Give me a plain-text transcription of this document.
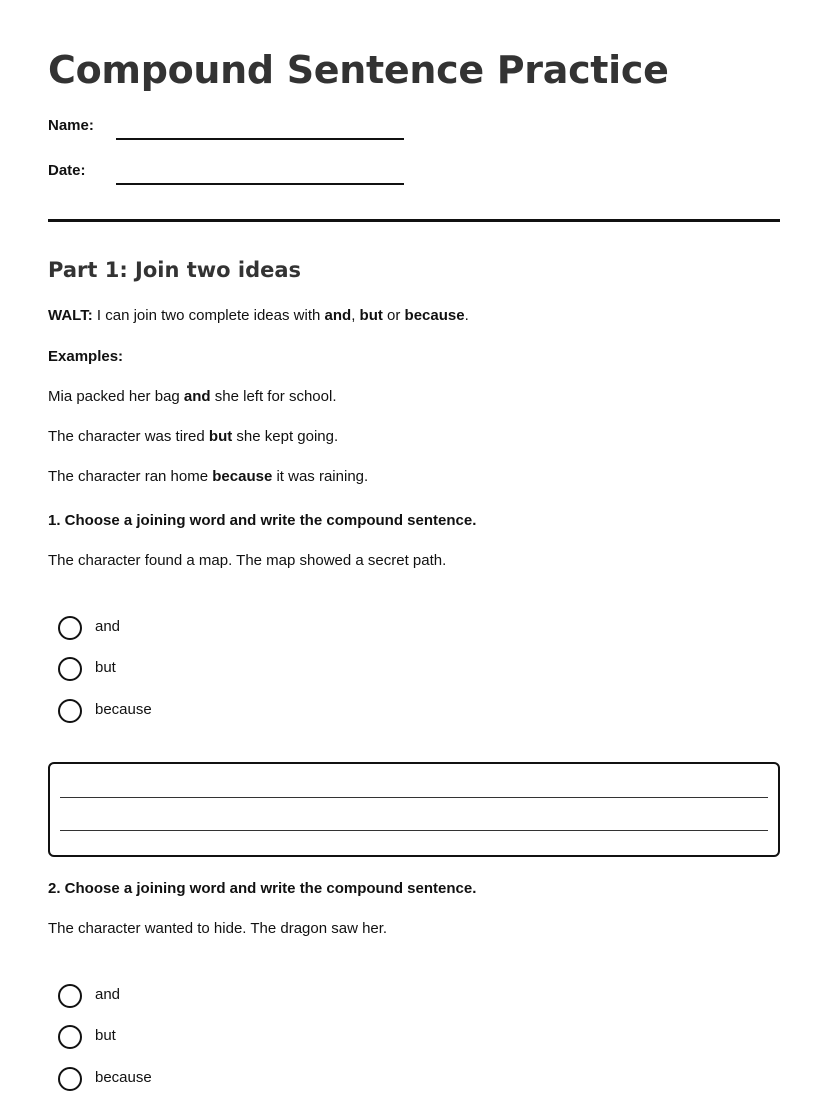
Compound Sentence Practice
Name:
Date:
Part 1: Join two ideas
WALT: I can join two complete ideas with and, but or because.
Examples:
Mia packed her bag and she left for school.
The character was tired but she kept going.
The character ran home because it was raining.
1. Choose a joining word and write the compound sentence.
The character found a map. The map showed a secret path.
and
but
because
2. Choose a joining word and write the compound sentence.
The character wanted to hide. The dragon saw her.
and
but
because
